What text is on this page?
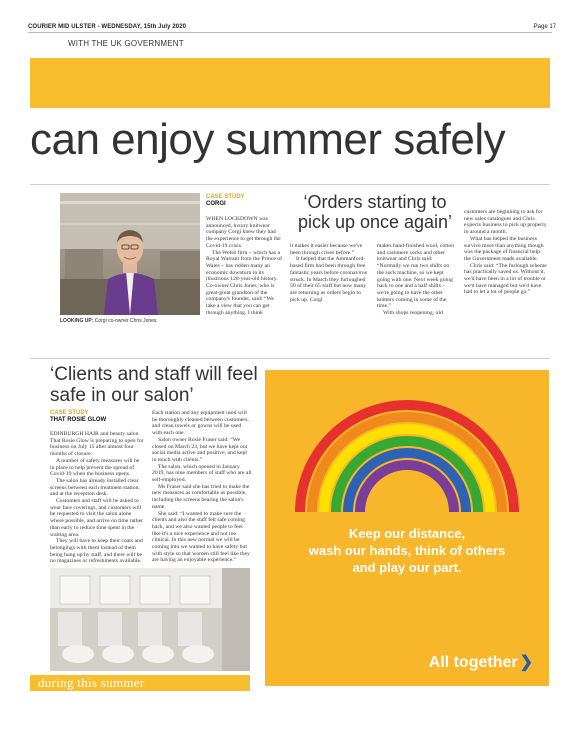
COURIER MID ULSTER - WEDNESDAY, 15th July 2020	Page 17
WITH THE UK GOVERNMENT
can enjoy summer safely
LOOKING UP: Corgi co-owner Chris Jones.
CASE STUDY
CORGI

WHEN LOCKDOWN was announced, luxury knitwear company Corgi knew they had the experience to get through the Covid-19 crisis.

The Welsh firm – which has a Royal Warrant from the Prince of Wales – has ridden many an economic downturn in its illustrious 128-year-old history. Co-owner Chris Jones, who is great-great grandson of the company's founder, said: “We take a view that you can get through anything. I think

‘Orders starting to pick up once again’

it makes it easier because we've been through crises before.”

It helped that the Ammanford-based firm had been through free fantastic years before coronavirus struck. In March they furloughed 50 of their 65 staff but now many are returning as orders begin to pick up. Corgi

makes hand-finished wool, cotton and cashmere socks and other knitwear and Chris said: “Normally we run two shifts on the sock machine, so we kept going with one. Next week going back to one and a half shifts – we're going to have the other knitters coming in some of the time.”

With shops reopening, old

customers are beginning to ask for new sales catalogues and Chris expects business to pick up properly in around a month.

What has helped the business survive more than anything though was the package of financial help the Government made available.

Chris said: “The furlough scheme has practically saved us. Without it, we'd have been in a lot of trouble or we'd have managed but we'd have had to let a lot of people go.”

‘Clients and staff will feel safe in our salon’
CASE STUDY
THAT ROSIE GLOW

EDINBURGH HAIR and beauty salon That Rosie Glow is preparing to open for business on July 15 after almost four months of closure.

A number of safety measures will be in place to help prevent the spread of Covid-19 when the business opens.

The salon has already installed clear screens between each treatment station, and at the reception desk.

Customers and staff will be asked to wear face coverings, and customers will be requested to visit the salon alone where possible, and arrive on time rather than early to reduce time spent in the waiting area.

They will have to keep their coats and belongings with them instead of them being hung up by staff, and there will be no magazines or refreshments available.

Each station and any equipment used will be thoroughly cleaned between customers, and clean towels or gowns will be used with each one.

Salon owner Rosie Fraser said: “We closed on March 23, but we have kept our social media active and positive, and kept in touch with clients.”

The salon, which opened in January 2019, has nine members of staff who are all self-employed.

Ms Fraser said she has tried to make the new measures as comfortable as possible, including the screens bearing the salon's name.

She said: “I wanted to make sure the clients and also the staff felt safe coming back, and we also wanted people to feel like it's a nice experience and not too clinical. In this new normal we will be coming into we wanted to have safety but with style so that women still feel like they are having an enjoyable experience.”

during this summer
Keep our distance,
wash our hands, think of others
and play our part.
All together ❯
